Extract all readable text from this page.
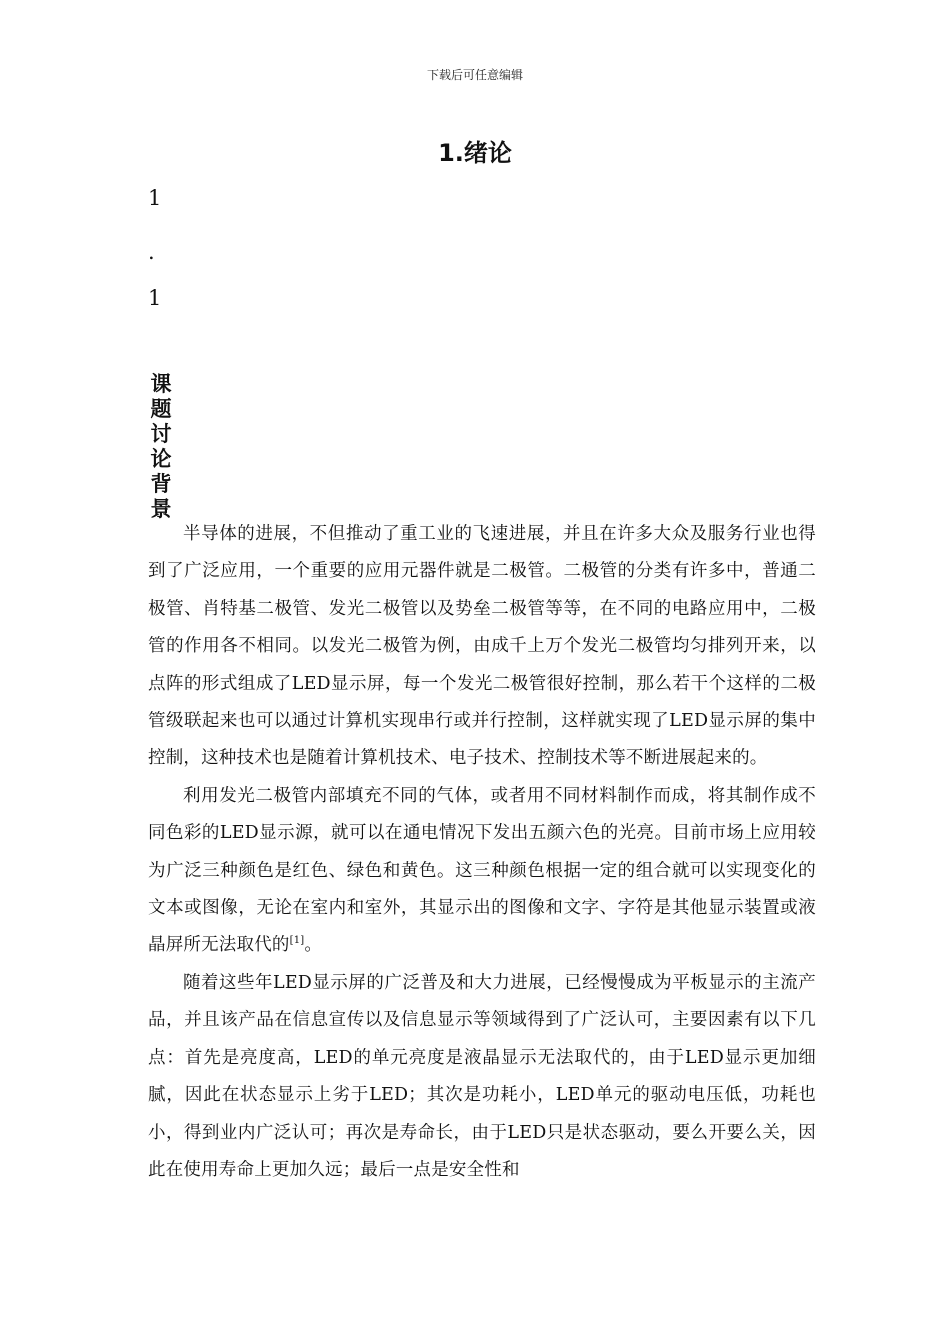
下载后可任意编辑
1.绪论
1
.
1
课
题
讨
论
背
景

半导体的进展，不但推动了重工业的飞速进展，并且在许多大众及服务行业也得到了广泛应用，一个重要的应用元器件就是二极管。二极管的分类有许多中，普通二极管、肖特基二极管、发光二极管以及势垒二极管等等，在不同的电路应用中，二极管的作用各不相同。以发光二极管为例，由成千上万个发光二极管均匀排列开来，以点阵的形式组成了LED显示屏，每一个发光二极管很好控制，那么若干个这样的二极管级联起来也可以通过计算机实现串行或并行控制，这样就实现了LED显示屏的集中控制，这种技术也是随着计算机技术、电子技术、控制技术等不断进展起来的。

利用发光二极管内部填充不同的气体，或者用不同材料制作而成，将其制作成不同色彩的LED显示源，就可以在通电情况下发出五颜六色的光亮。目前市场上应用较为广泛三种颜色是红色、绿色和黄色。这三种颜色根据一定的组合就可以实现变化的文本或图像，无论在室内和室外，其显示出的图像和文字、字符是其他显示装置或液晶屏所无法取代的[1]。

随着这些年LED显示屏的广泛普及和大力进展，已经慢慢成为平板显示的主流产品，并且该产品在信息宣传以及信息显示等领域得到了广泛认可，主要因素有以下几点：首先是亮度高，LED的单元亮度是液晶显示无法取代的，由于LED显示更加细腻，因此在状态显示上劣于LED；其次是功耗小，LED单元的驱动电压低，功耗也小，得到业内广泛认可；再次是寿命长，由于LED只是状态驱动，要么开要么关，因此在使用寿命上更加久远；最后一点是安全性和
